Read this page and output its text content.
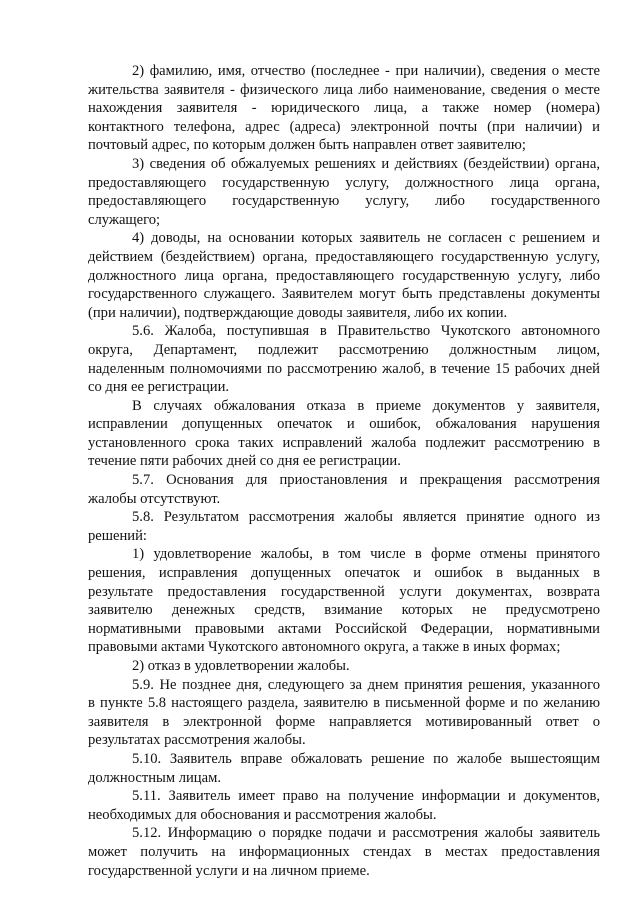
2) фамилию, имя, отчество (последнее - при наличии), сведения о месте
жительства заявителя - физического лица либо наименование, сведения о месте
нахождения заявителя - юридического лица, а также номер (номера)
контактного телефона, адрес (адреса) электронной почты (при наличии) и
почтовый адрес, по которым должен быть направлен ответ заявителю;
3) сведения об обжалуемых решениях и действиях (бездействии) органа,
предоставляющего государственную услугу, должностного лица органа,
предоставляющего государственную услугу, либо государственного
служащего;
4) доводы, на основании которых заявитель не согласен с решением и
действием (бездействием) органа, предоставляющего государственную услугу,
должностного лица органа, предоставляющего государственную услугу, либо
государственного служащего. Заявителем могут быть представлены документы
(при наличии), подтверждающие доводы заявителя, либо их копии.
5.6. Жалоба, поступившая в Правительство Чукотского автономного
округа, Департамент, подлежит рассмотрению должностным лицом,
наделенным полномочиями по рассмотрению жалоб, в течение 15 рабочих дней
со дня ее регистрации.
В случаях обжалования отказа в приеме документов у заявителя,
исправлении допущенных опечаток и ошибок, обжалования нарушения
установленного срока таких исправлений жалоба подлежит рассмотрению в
течение пяти рабочих дней со дня ее регистрации.
5.7. Основания для приостановления и прекращения рассмотрения
жалобы отсутствуют.
5.8. Результатом рассмотрения жалобы является принятие одного из
решений:
1) удовлетворение жалобы, в том числе в форме отмены принятого
решения, исправления допущенных опечаток и ошибок в выданных в
результате предоставления государственной услуги документах, возврата
заявителю денежных средств, взимание которых не предусмотрено
нормативными правовыми актами Российской Федерации, нормативными
правовыми актами Чукотского автономного округа, а также в иных формах;
2) отказ в удовлетворении жалобы.
5.9. Не позднее дня, следующего за днем принятия решения, указанного
в пункте 5.8 настоящего раздела, заявителю в письменной форме и по желанию
заявителя в электронной форме направляется мотивированный ответ о
результатах рассмотрения жалобы.
5.10. Заявитель вправе обжаловать решение по жалобе вышестоящим
должностным лицам.
5.11. Заявитель имеет право на получение информации и документов,
необходимых для обоснования и рассмотрения жалобы.
5.12. Информацию о порядке подачи и рассмотрения жалобы заявитель
может получить на информационных стендах в местах предоставления
государственной услуги и на личном приеме.
